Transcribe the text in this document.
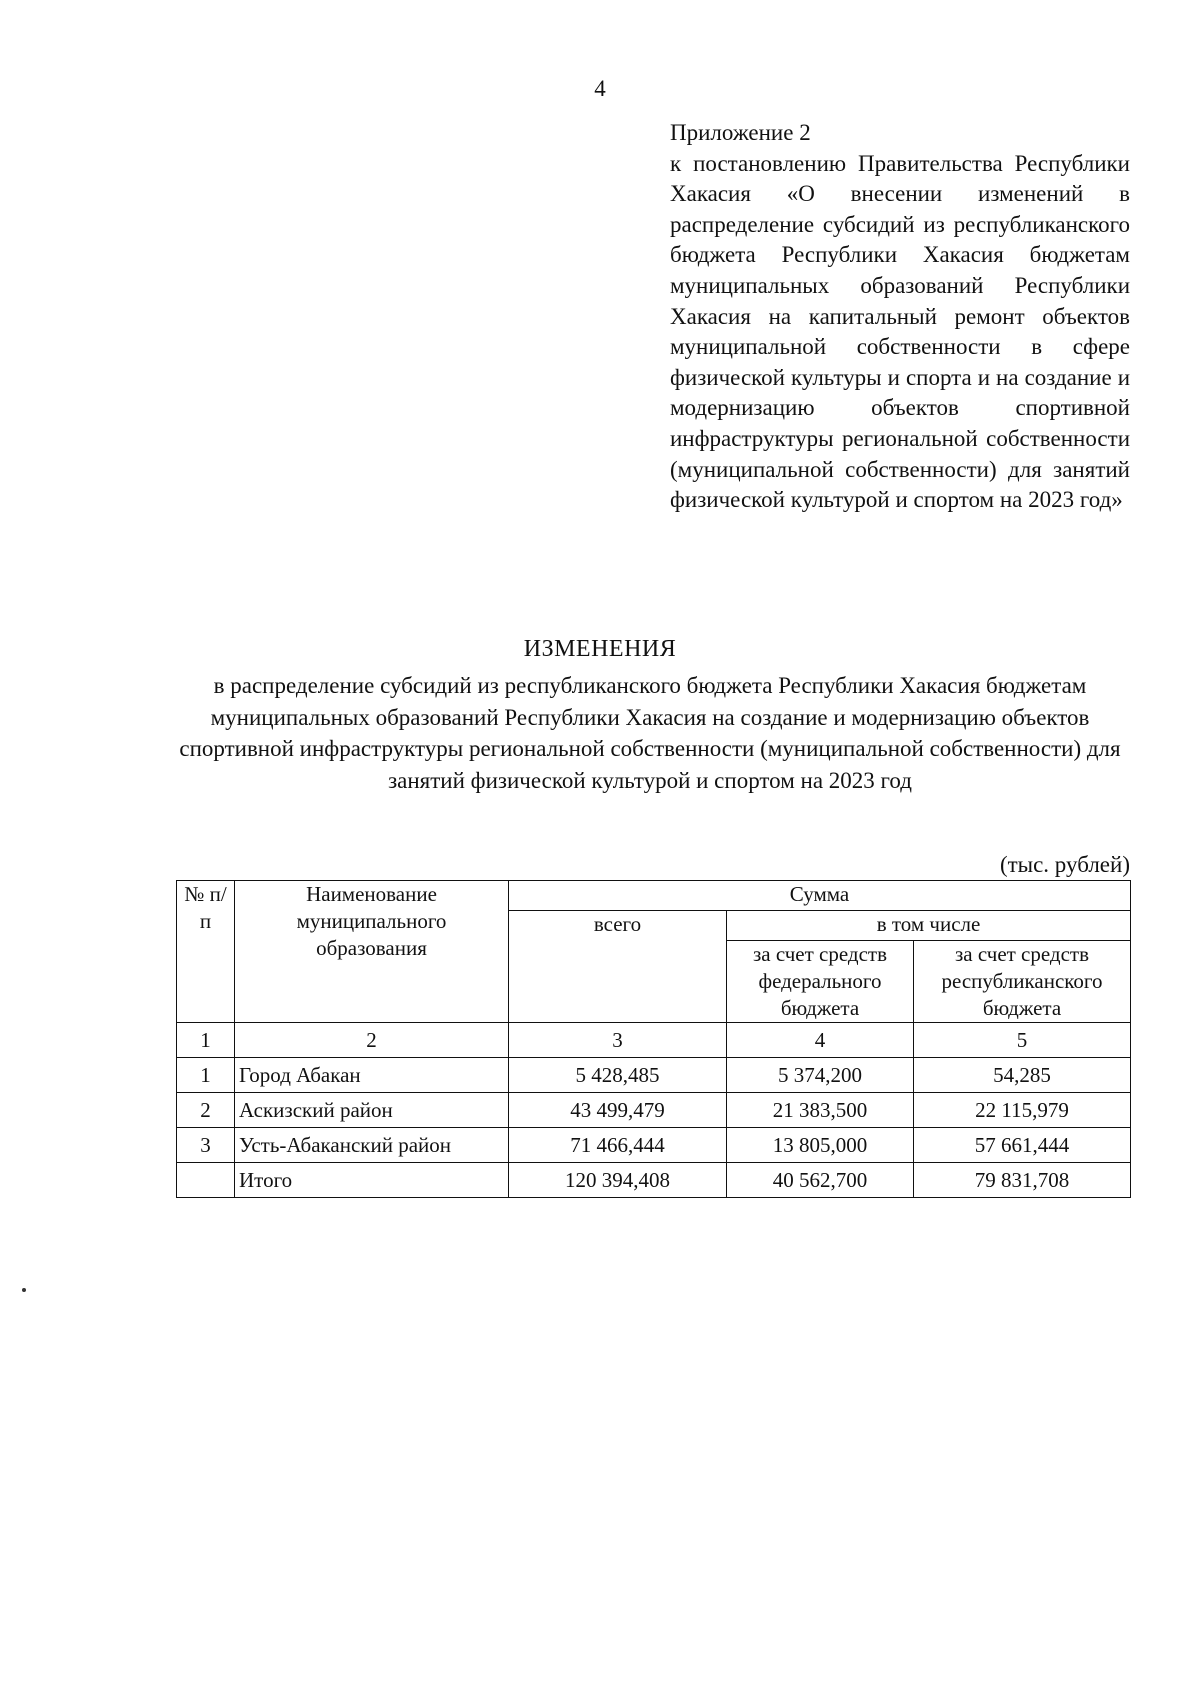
4

Приложение 2

к постановлению Правительства Республики Хакасия «О внесении изменений в распределение субсидий из республиканского бюджета Республики Хакасия бюджетам муниципальных образований Республики Хакасия на капитальный ремонт объектов муниципальной собственности в сфере физической культуры и спорта и на создание и модернизацию объектов спортивной инфраструктуры региональной собственности (муниципальной собственности) для занятий физической культурой и спортом на 2023 год»

ИЗМЕНЕНИЯ
в распределение субсидий из республиканского бюджета Республики Хакасия бюджетам муниципальных образований Республики Хакасия на создание и модернизацию объектов спортивной инфраструктуры региональной собственности (муниципальной собственности) для занятий физической культурой и спортом на 2023 год
(тыс. рублей)
№ п/п	Наименование муниципального образования	Сумма		
		всего	в том числе	
			за счет средств федерального бюджета	за счет средств республиканского бюджета
1	2	3	4	5
1	Город Абакан	5 428,485	5 374,200	54,285
2	Аскизский район	43 499,479	21 383,500	22 115,979
3	Усть-Абаканский район	71 466,444	13 805,000	57 661,444
	Итого	120 394,408	40 562,700	79 831,708
